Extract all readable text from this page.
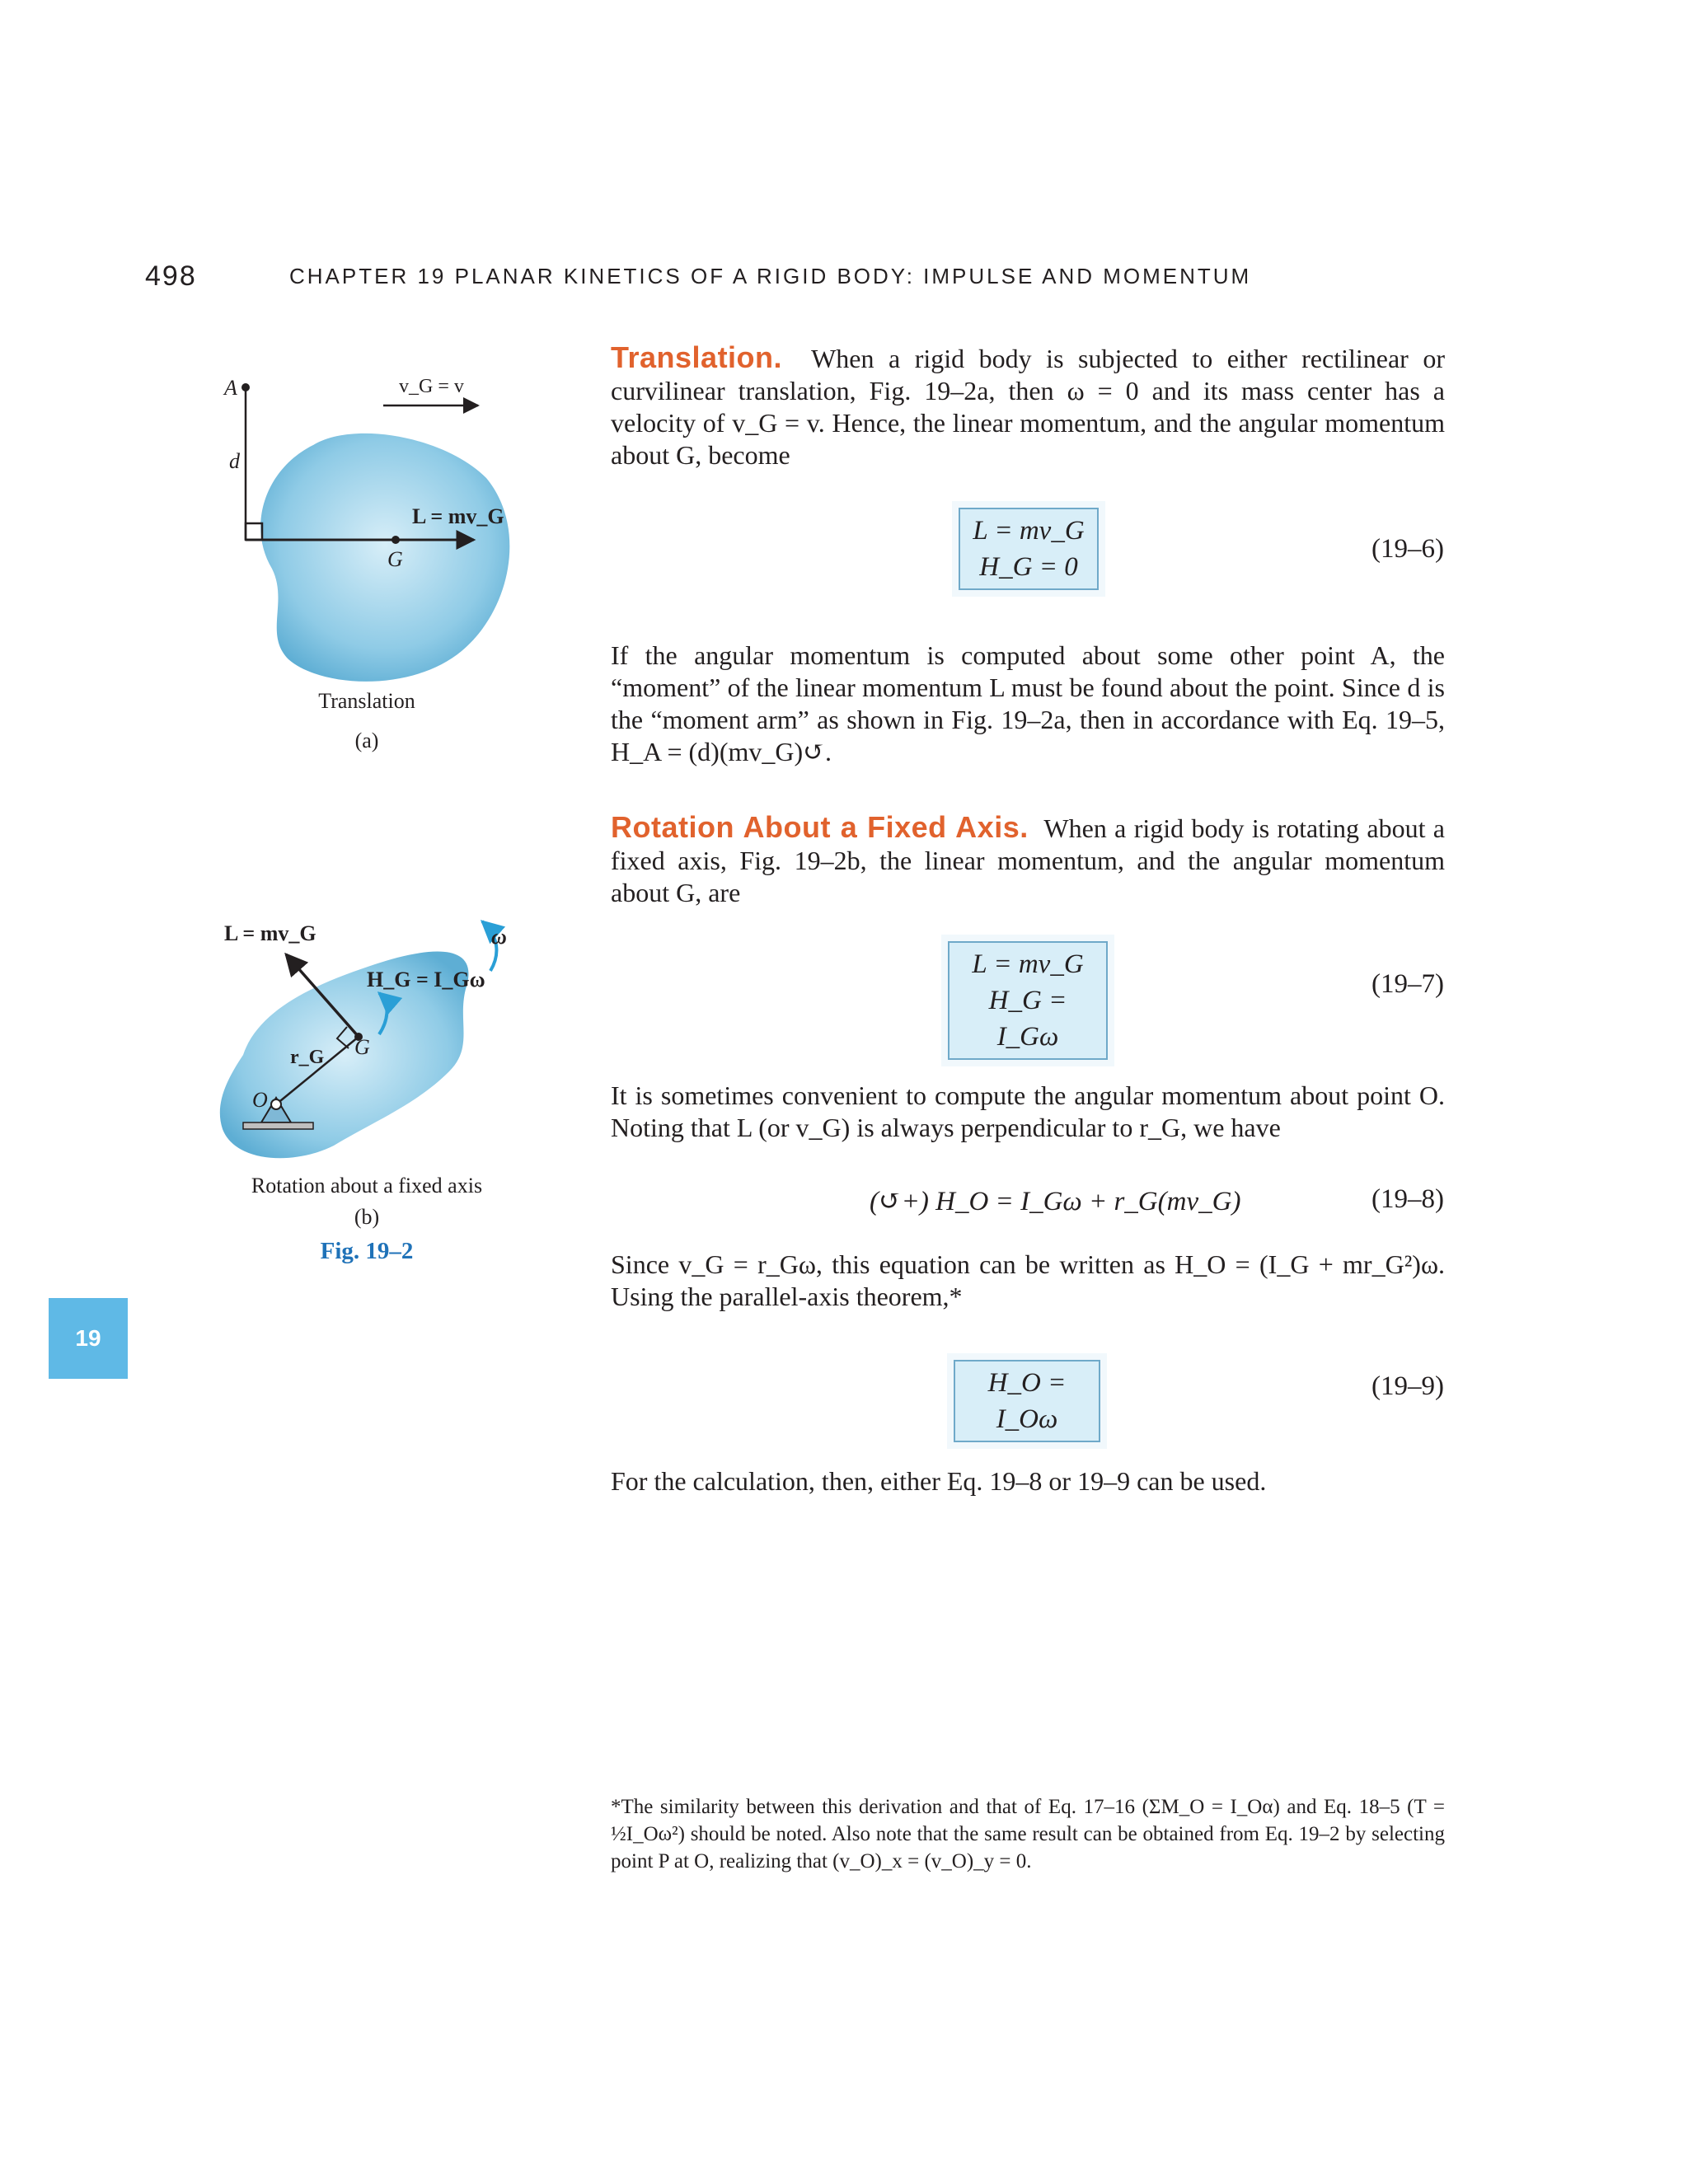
498	CHAPTER 19 PLANAR KINETICS OF A RIGID BODY: IMPULSE AND MOMENTUM
A
d
v_G = v
L = mv_G
G
Translation
(a)
L = mv_G	ω
H_G = I_Gω
r_G G
O
Rotation about a fixed axis
(b)
Fig. 19–2
19
Translation. When a rigid body is subjected to either rectilinear or curvilinear translation, Fig. 19–2a, then ω = 0 and its mass center has a velocity of v_G = v. Hence, the linear momentum, and the angular momentum about G, become
L = mv_G
H_G = 0
(19–6)
If the angular momentum is computed about some other point A, the “moment” of the linear momentum L must be found about the point. Since d is the “moment arm” as shown in Fig. 19–2a, then in accordance with Eq. 19–5, H_A = (d)(mv_G)↺.
Rotation About a Fixed Axis. When a rigid body is rotating about a fixed axis, Fig. 19–2b, the linear momentum, and the angular momentum about G, are
L = mv_G
H_G = I_Gω
(19–7)
It is sometimes convenient to compute the angular momentum about point O. Noting that L (or v_G) is always perpendicular to r_G, we have
(↺+) H_O = I_Gω + r_G(mv_G)	(19–8)
Since v_G = r_Gω, this equation can be written as H_O = (I_G + mr_G²)ω. Using the parallel-axis theorem,*
H_O = I_Oω
(19–9)
For the calculation, then, either Eq. 19–8 or 19–9 can be used.
*The similarity between this derivation and that of Eq. 17–16 (ΣM_O = I_Oα) and Eq. 18–5 (T = ½I_Oω²) should be noted. Also note that the same result can be obtained from Eq. 19–2 by selecting point P at O, realizing that (v_O)_x = (v_O)_y = 0.
